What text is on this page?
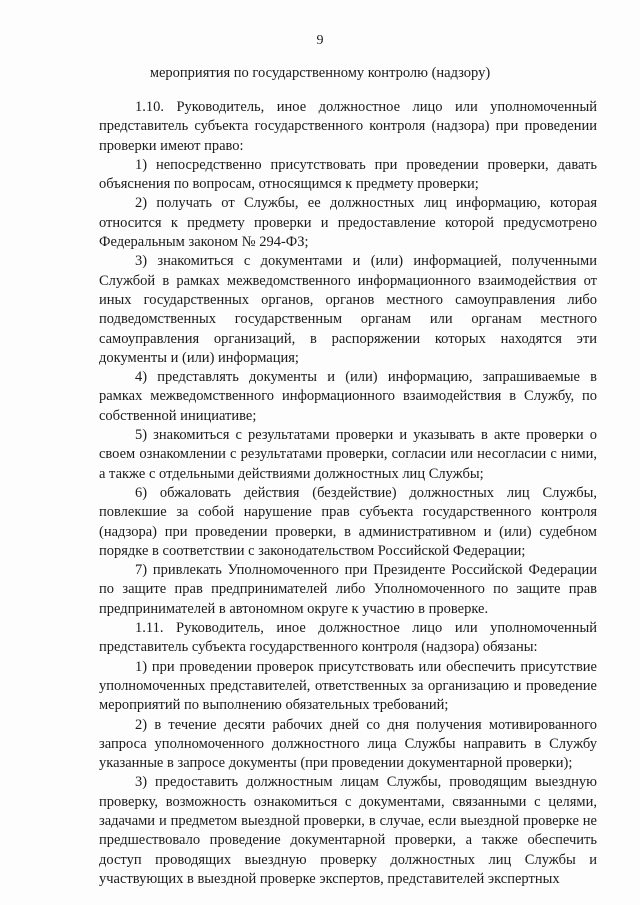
9
мероприятия по государственному контролю (надзору)

1.10. Руководитель, иное должностное лицо или уполномоченный представитель субъекта государственного контроля (надзора) при проведении проверки имеют право:

1) непосредственно присутствовать при проведении проверки, давать объяснения по вопросам, относящимся к предмету проверки;

2) получать от Службы, ее должностных лиц информацию, которая относится к предмету проверки и предоставление которой предусмотрено Федеральным законом № 294-ФЗ;

3) знакомиться с документами и (или) информацией, полученными Службой в рамках межведомственного информационного взаимодействия от иных государственных органов, органов местного самоуправления либо подведомственных государственным органам или органам местного самоуправления организаций, в распоряжении которых находятся эти документы и (или) информация;

4) представлять документы и (или) информацию, запрашиваемые в рамках межведомственного информационного взаимодействия в Службу, по собственной инициативе;

5) знакомиться с результатами проверки и указывать в акте проверки о своем ознакомлении с результатами проверки, согласии или несогласии с ними, а также с отдельными действиями должностных лиц Службы;

6) обжаловать действия (бездействие) должностных лиц Службы, повлекшие за собой нарушение прав субъекта государственного контроля (надзора) при проведении проверки, в административном и (или) судебном порядке в соответствии с законодательством Российской Федерации;

7) привлекать Уполномоченного при Президенте Российской Федерации по защите прав предпринимателей либо Уполномоченного по защите прав предпринимателей в автономном округе к участию в проверке.

1.11. Руководитель, иное должностное лицо или уполномоченный представитель субъекта государственного контроля (надзора) обязаны:

1) при проведении проверок присутствовать или обеспечить присутствие уполномоченных представителей, ответственных за организацию и проведение мероприятий по выполнению обязательных требований;

2) в течение десяти рабочих дней со дня получения мотивированного запроса уполномоченного должностного лица Службы направить в Службу указанные в запросе документы (при проведении документарной проверки);

3) предоставить должностным лицам Службы, проводящим выездную проверку, возможность ознакомиться с документами, связанными с целями, задачами и предметом выездной проверки, в случае, если выездной проверке не предшествовало проведение документарной проверки, а также обеспечить доступ проводящих выездную проверку должностных лиц Службы и участвующих в выездной проверке экспертов, представителей экспертных
